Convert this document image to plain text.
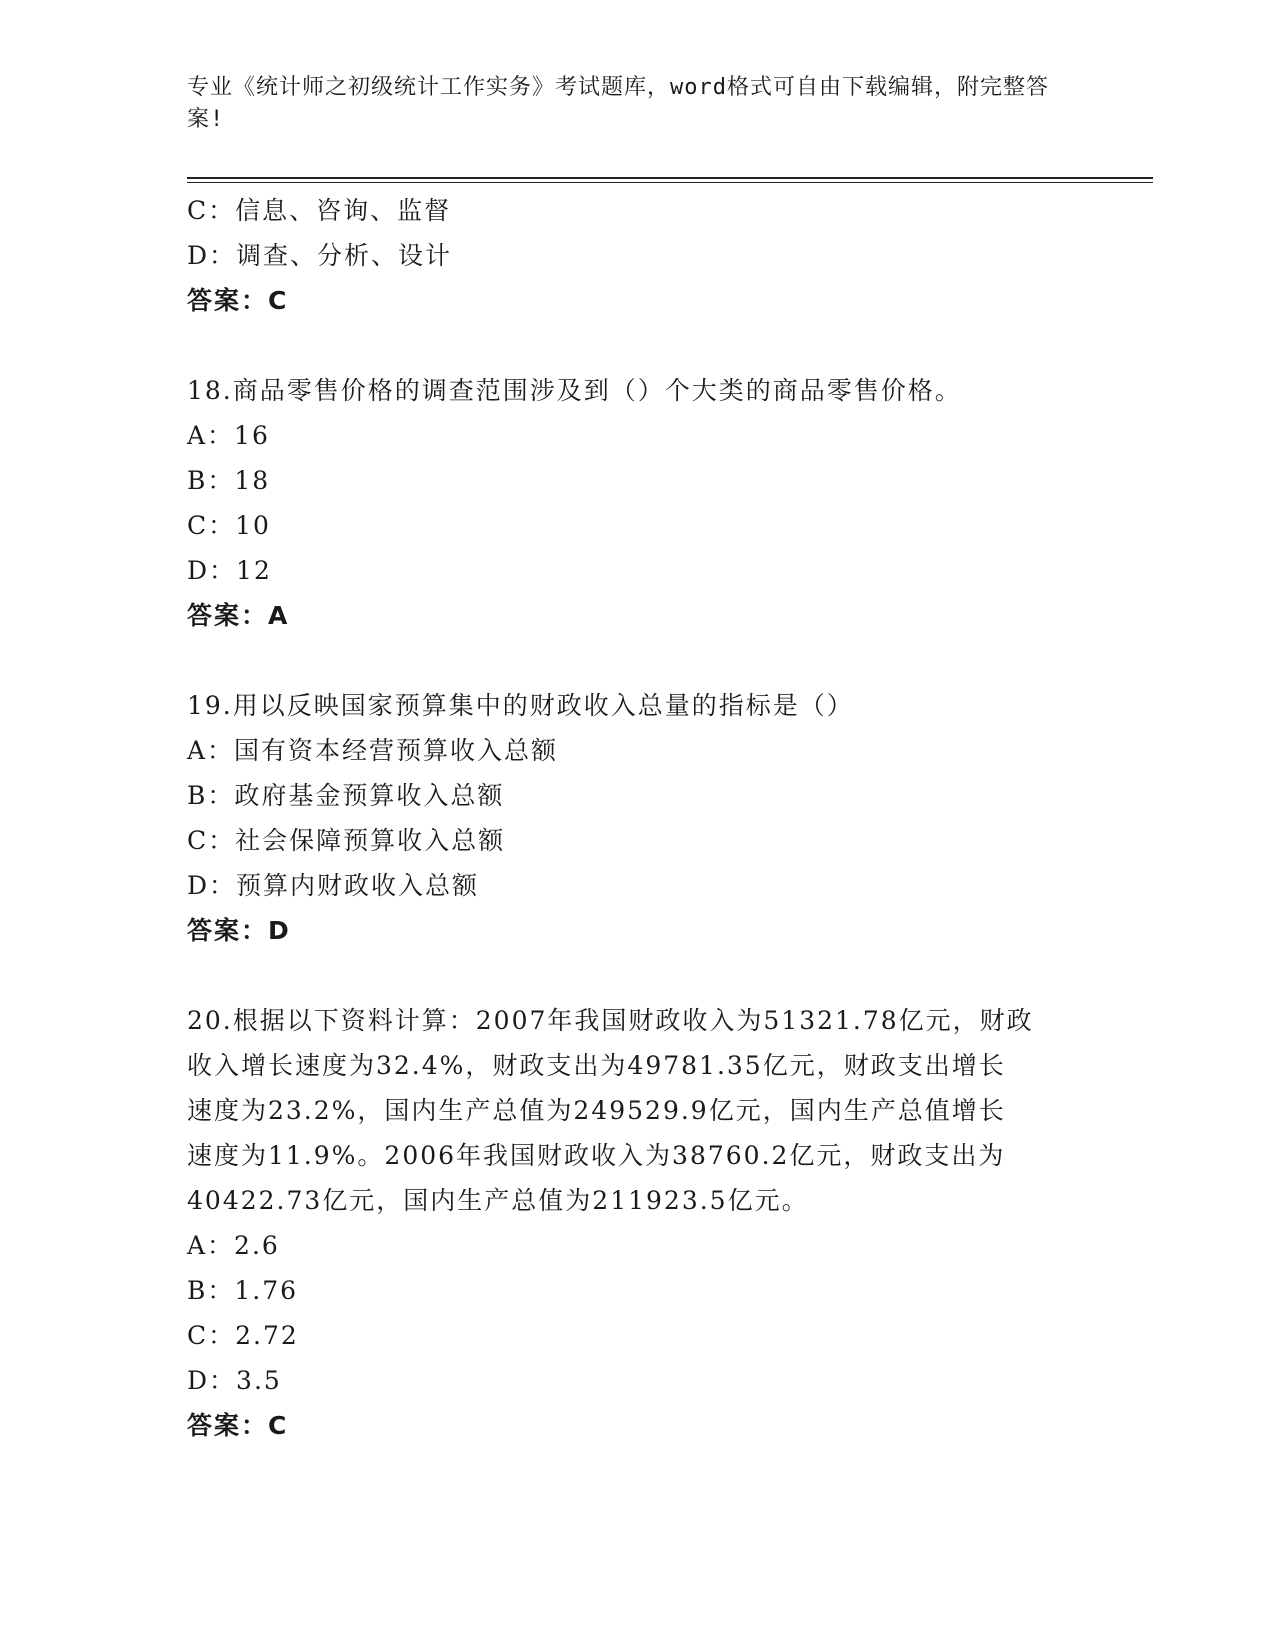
专业《统计师之初级统计工作实务》考试题库，word格式可自由下载编辑，附完整答案!
C：信息、咨询、监督
D：调查、分析、设计
答案：C
18.商品零售价格的调查范围涉及到（）个大类的商品零售价格。
A：16
B：18
C：10
D：12
答案：A
19.用以反映国家预算集中的财政收入总量的指标是（）
A：国有资本经营预算收入总额
B：政府基金预算收入总额
C：社会保障预算收入总额
D：预算内财政收入总额
答案：D
20.根据以下资料计算：2007年我国财政收入为51321.78亿元，财政
收入增长速度为32.4%，财政支出为49781.35亿元，财政支出增长
速度为23.2%，国内生产总值为249529.9亿元，国内生产总值增长
速度为11.9%。2006年我国财政收入为38760.2亿元，财政支出为
40422.73亿元，国内生产总值为211923.5亿元。
A：2.6
B：1.76
C：2.72
D：3.5
答案：C
